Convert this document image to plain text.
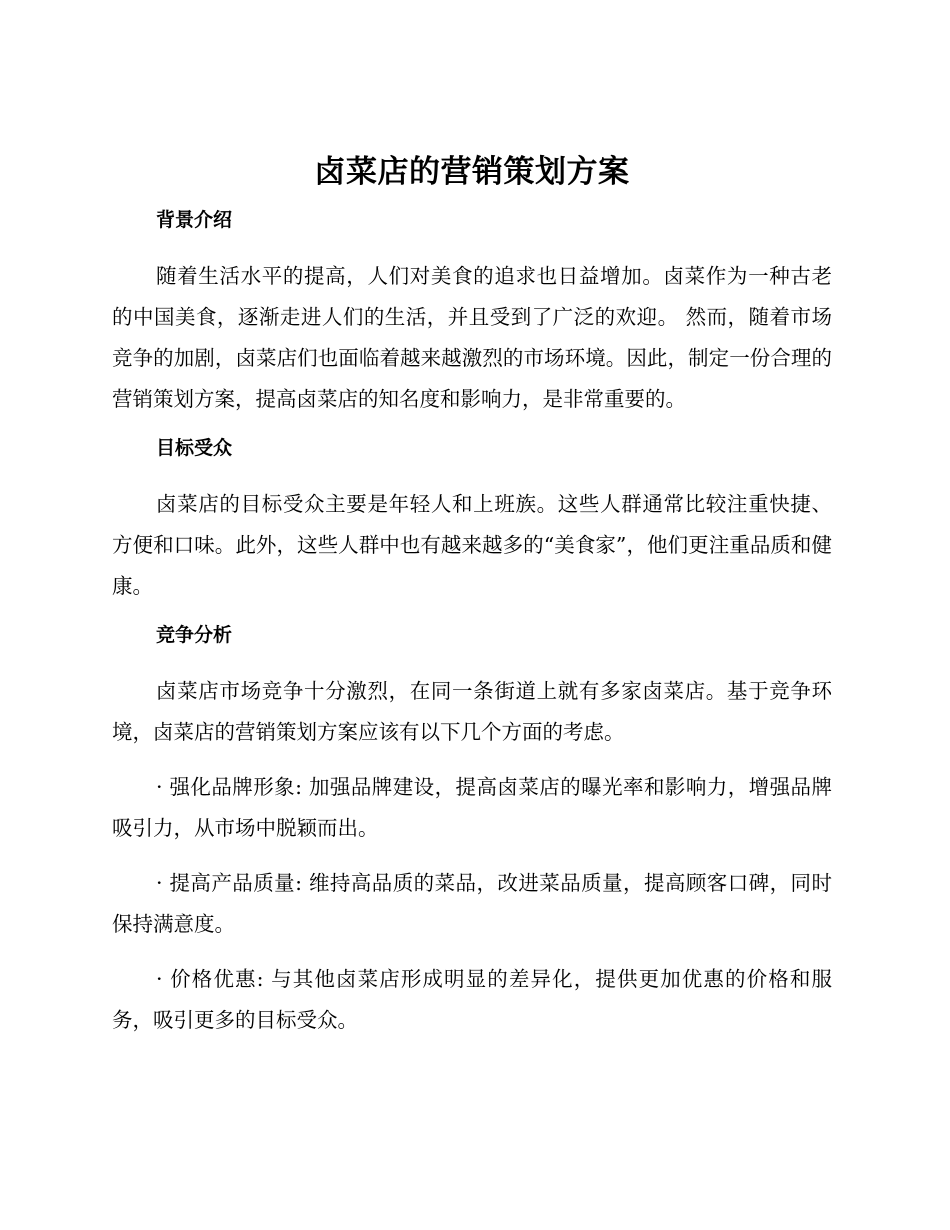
卤菜店的营销策划方案
背景介绍

随着生活水平的提高，人们对美食的追求也日益增加。卤菜作为一种古老的中国美食，逐渐走进人们的生活，并且受到了广泛的欢迎。 然而，随着市场竞争的加剧，卤菜店们也面临着越来越激烈的市场环境。因此，制定一份合理的营销策划方案，提高卤菜店的知名度和影响力，是非常重要的。

目标受众

卤菜店的目标受众主要是年轻人和上班族。这些人群通常比较注重快捷、方便和口味。此外，这些人群中也有越来越多的“美食家”，他们更注重品质和健康。

竞争分析

卤菜店市场竞争十分激烈，在同一条街道上就有多家卤菜店。基于竞争环境，卤菜店的营销策划方案应该有以下几个方面的考虑。

· 强化品牌形象: 加强品牌建设，提高卤菜店的曝光率和影响力，增强品牌吸引力，从市场中脱颖而出。

· 提高产品质量: 维持高品质的菜品，改进菜品质量，提高顾客口碑，同时保持满意度。

· 价格优惠: 与其他卤菜店形成明显的差异化，提供更加优惠的价格和服务，吸引更多的目标受众。
